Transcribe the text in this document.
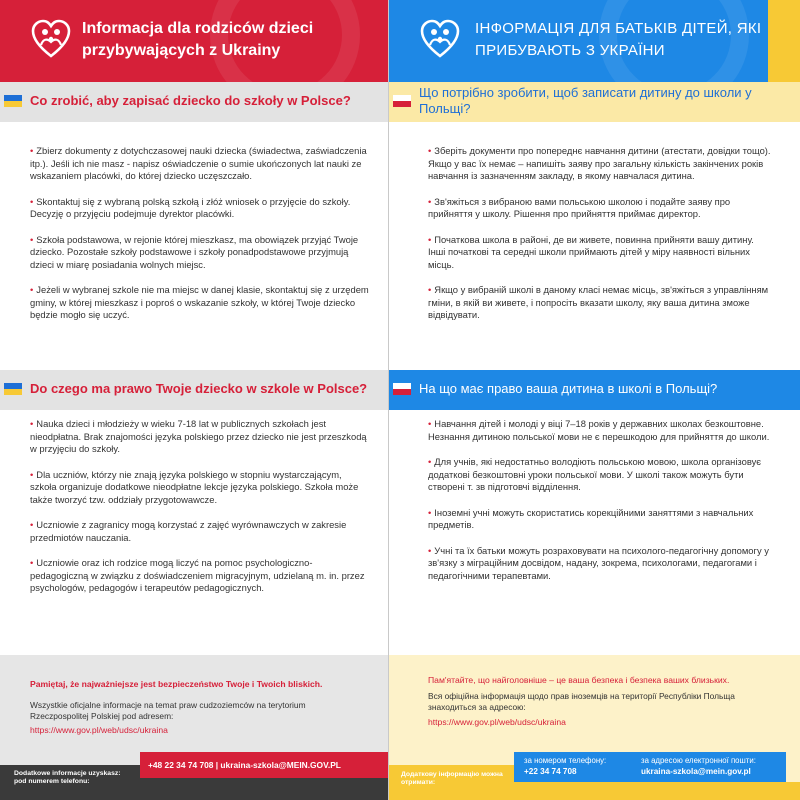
Informacja dla rodziców dzieci przybywających z Ukrainy
Co zrobić, aby zapisać dziecko do szkoły w Polsce?

• Zbierz dokumenty z dotychczasowej nauki dziecka (świadectwa, zaświadczenia itp.). Jeśli ich nie masz - napisz oświadczenie o sumie ukończonych lat nauki ze wskazaniem placówki, do której dziecko uczęszczało.

• Skontaktuj się z wybraną polską szkołą i złóż wniosek o przyjęcie do szkoły. Decyzję o przyjęciu podejmuje dyrektor placówki.

• Szkoła podstawowa, w rejonie której mieszkasz, ma obowiązek przyjąć Twoje dziecko. Pozostałe szkoły podstawowe i szkoły ponadpodstawowe przyjmują dzieci w miarę posiadania wolnych miejsc.

• Jeżeli w wybranej szkole nie ma miejsc w danej klasie, skontaktuj się z urzędem gminy, w której mieszkasz i poproś o wskazanie szkoły, w której Twoje dziecko będzie mogło się uczyć.

Do czego ma prawo Twoje dziecko w szkole w Polsce?

• Nauka dzieci i młodzieży w wieku 7-18 lat w publicznych szkołach jest nieodpłatna. Brak znajomości języka polskiego przez dziecko nie jest przeszkodą w przyjęciu do szkoły.

• Dla uczniów, którzy nie znają języka polskiego w stopniu wystarczającym, szkoła organizuje dodatkowe nieodpłatne lekcje języka polskiego. Szkoła może także tworzyć tzw. oddziały przygotowawcze.

• Uczniowie z zagranicy mogą korzystać z zajęć wyrównawczych w zakresie przedmiotów nauczania.

• Uczniowie oraz ich rodzice mogą liczyć na pomoc psychologiczno-pedagogiczną w związku z doświadczeniem migracyjnym, udzielaną m. in. przez psychologów, pedagogów i terapeutów pedagogicznych.

Pamiętaj, że najważniejsze jest bezpieczeństwo Twoje i Twoich bliskich.
Wszystkie oficjalne informacje na temat praw cudzoziemców na terytorium Rzeczpospolitej Polskiej pod adresem:
https://www.gov.pl/web/udsc/ukraina
Dodatkowe informacje uzyskasz: pod numerem telefonu:
+48 22 34 74 708 | ukraina-szkola@MEIN.GOV.PL
ІНФОРМАЦІЯ ДЛЯ БАТЬКІВ ДІТЕЙ, ЯКІ ПРИБУВАЮТЬ З УКРАЇНИ
Що потрібно зробити, щоб записати дитину до школи у Польщі?

• Зберіть документи про попереднє навчання дитини (атестати, довідки тощо). Якщо у вас їх немає – напишіть заяву про загальну кількість закінчених років навчання із зазначенням закладу, в якому навчалася дитина.

• Зв'яжіться з вибраною вами польською школою і подайте заяву про прийняття у школу. Рішення про прийняття приймає директор.

• Початкова школа в районі, де ви живете, повинна прийняти вашу дитину. Інші початкові та середні школи приймають дітей у міру наявності вільних місць.

• Якщо у вибраній школі в даному класі немає місць, зв'яжіться з управлінням гміни, в якій ви живете, і попросіть вказати школу, яку ваша дитина зможе відвідувати.

На що має право ваша дитина в школі в Польщі?

• Навчання дітей і молоді у віці 7–18 років у державних школах безкоштовне. Незнання дитиною польської мови не є перешкодою для прийняття до школи.

• Для учнів, які недостатньо володіють польською мовою, школа організовує додаткові безкоштовні уроки польської мови. У школі також можуть бути створені т. зв підготовчі відділення.

• Іноземні учні можуть скористатись корекційними заняттями з навчальних предметів.

• Учні та їх батьки можуть розраховувати на психолого-педагогічну допомогу у зв'язку з міграційним досвідом, надану, зокрема, психологами, педагогами і педагогічними терапевтами.

Пам'ятайте, що найголовніше – це ваша безпека і безпека ваших близьких.
Вся офіційна інформація щодо прав іноземців на території Республіки Польща знаходиться за адресою:
https://www.gov.pl/web/udsc/ukraina
Додаткову інформацію можна отримати:
за номером телефону:
+22 34 74 708
за адресою електронної пошти:
ukraina-szkola@mein.gov.pl
